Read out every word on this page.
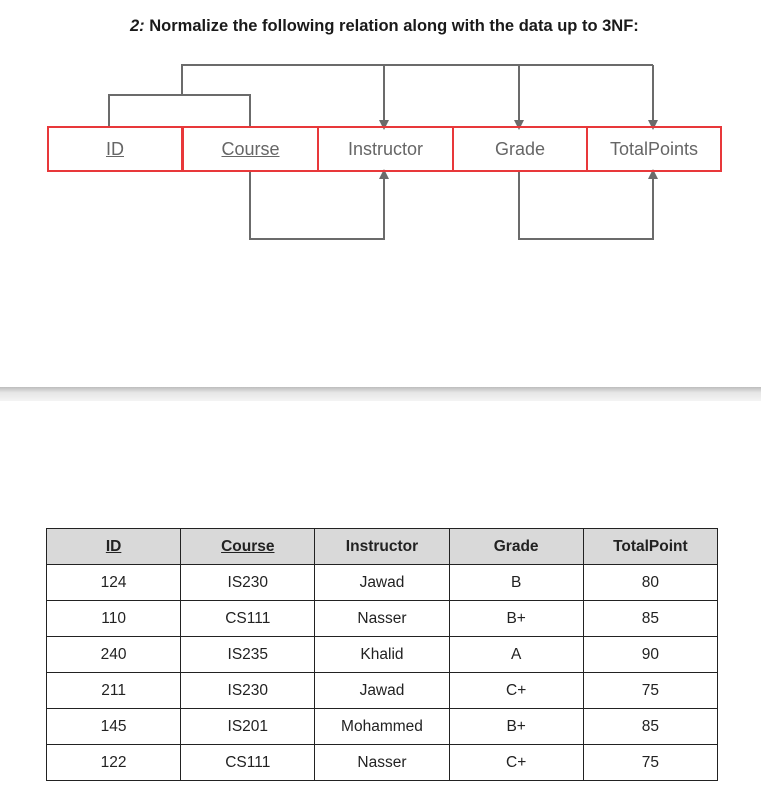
2: Normalize the following relation along with the data up to 3NF:
ID	Course	Instructor	Grade	TotalPoints
ID	Course	Instructor	Grade	TotalPoint
124	IS230	Jawad	B	80
110	CS111	Nasser	B+	85
240	IS235	Khalid	A	90
211	IS230	Jawad	C+	75
145	IS201	Mohammed	B+	85
122	CS111	Nasser	C+	75
